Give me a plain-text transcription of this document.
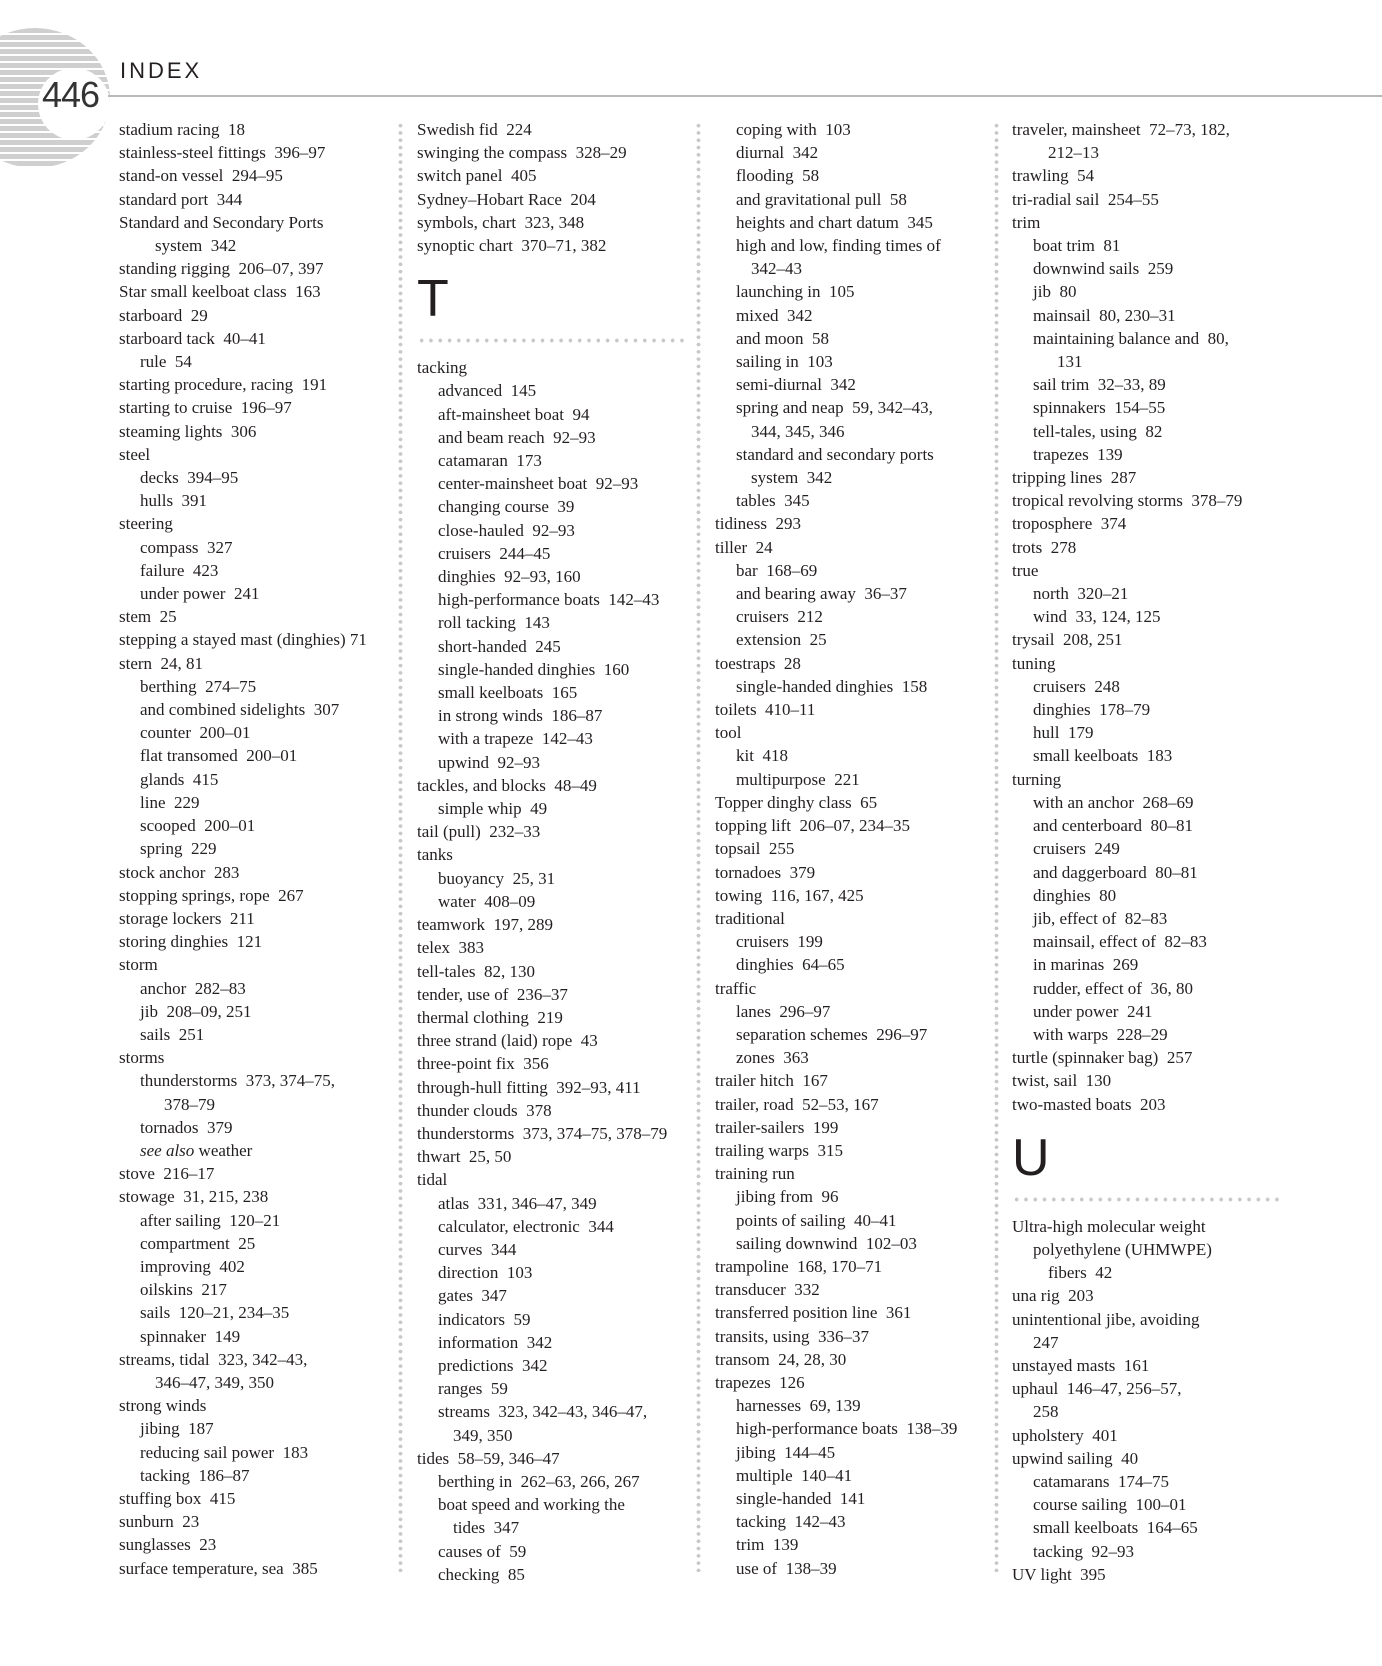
446
INDEX
stadium racing  18
stainless-steel fittings  396–97
stand-on vessel  294–95
standard port  344
Standard and Secondary Ports
system  342
standing rigging  206–07, 397
Star small keelboat class  163
starboard  29
starboard tack  40–41
rule  54
starting procedure, racing  191
starting to cruise  196–97
steaming lights  306
steel
decks  394–95
hulls  391
steering
compass  327
failure  423
under power  241
stem  25
stepping a stayed mast (dinghies) 71
stern  24, 81
berthing  274–75
and combined sidelights  307
counter  200–01
flat transomed  200–01
glands  415
line  229
scooped  200–01
spring  229
stock anchor  283
stopping springs, rope  267
storage lockers  211
storing dinghies  121
storm
anchor  282–83
jib  208–09, 251
sails  251
storms
thunderstorms  373, 374–75,
378–79
tornados  379
see also weather
stove  216–17
stowage  31, 215, 238
after sailing  120–21
compartment  25
improving  402
oilskins  217
sails  120–21, 234–35
spinnaker  149
streams, tidal  323, 342–43,
346–47, 349, 350
strong winds
jibing  187
reducing sail power  183
tacking  186–87
stuffing box  415
sunburn  23
sunglasses  23
surface temperature, sea  385
Swedish fid  224
swinging the compass  328–29
switch panel  405
Sydney–Hobart Race  204
symbols, chart  323, 348
synoptic chart  370–71, 382
T
tacking
advanced  145
aft-mainsheet boat  94
and beam reach  92–93
catamaran  173
center-mainsheet boat  92–93
changing course  39
close-hauled  92–93
cruisers  244–45
dinghies  92–93, 160
high-performance boats  142–43
roll tacking  143
short-handed  245
single-handed dinghies  160
small keelboats  165
in strong winds  186–87
with a trapeze  142–43
upwind  92–93
tackles, and blocks  48–49
simple whip  49
tail (pull)  232–33
tanks
buoyancy  25, 31
water  408–09
teamwork  197, 289
telex  383
tell-tales  82, 130
tender, use of  236–37
thermal clothing  219
three strand (laid) rope  43
three-point fix  356
through-hull fitting  392–93, 411
thunder clouds  378
thunderstorms  373, 374–75, 378–79
thwart  25, 50
tidal
atlas  331, 346–47, 349
calculator, electronic  344
curves  344
direction  103
gates  347
indicators  59
information  342
predictions  342
ranges  59
streams  323, 342–43, 346–47,
349, 350
tides  58–59, 346–47
berthing in  262–63, 266, 267
boat speed and working the
tides  347
causes of  59
checking  85
coping with  103
diurnal  342
flooding  58
and gravitational pull  58
heights and chart datum  345
high and low, finding times of
342–43
launching in  105
mixed  342
and moon  58
sailing in  103
semi-diurnal  342
spring and neap  59, 342–43,
344, 345, 346
standard and secondary ports
system  342
tables  345
tidiness  293
tiller  24
bar  168–69
and bearing away  36–37
cruisers  212
extension  25
toestraps  28
single-handed dinghies  158
toilets  410–11
tool
kit  418
multipurpose  221
Topper dinghy class  65
topping lift  206–07, 234–35
topsail  255
tornadoes  379
towing  116, 167, 425
traditional
cruisers  199
dinghies  64–65
traffic
lanes  296–97
separation schemes  296–97
zones  363
trailer hitch  167
trailer, road  52–53, 167
trailer-sailers  199
trailing warps  315
training run
jibing from  96
points of sailing  40–41
sailing downwind  102–03
trampoline  168, 170–71
transducer  332
transferred position line  361
transits, using  336–37
transom  24, 28, 30
trapezes  126
harnesses  69, 139
high-performance boats  138–39
jibing  144–45
multiple  140–41
single-handed  141
tacking  142–43
trim  139
use of  138–39
traveler, mainsheet  72–73, 182,
212–13
trawling  54
tri-radial sail  254–55
trim
boat trim  81
downwind sails  259
jib  80
mainsail  80, 230–31
maintaining balance and  80,
131
sail trim  32–33, 89
spinnakers  154–55
tell-tales, using  82
trapezes  139
tripping lines  287
tropical revolving storms  378–79
troposphere  374
trots  278
true
north  320–21
wind  33, 124, 125
trysail  208, 251
tuning
cruisers  248
dinghies  178–79
hull  179
small keelboats  183
turning
with an anchor  268–69
and centerboard  80–81
cruisers  249
and daggerboard  80–81
dinghies  80
jib, effect of  82–83
mainsail, effect of  82–83
in marinas  269
rudder, effect of  36, 80
under power  241
with warps  228–29
turtle (spinnaker bag)  257
twist, sail  130
two-masted boats  203
U
Ultra-high molecular weight
polyethylene (UHMWPE)
fibers  42
una rig  203
unintentional jibe, avoiding
247
unstayed masts  161
uphaul  146–47, 256–57,
258
upholstery  401
upwind sailing  40
catamarans  174–75
course sailing  100–01
small keelboats  164–65
tacking  92–93
UV light  395
